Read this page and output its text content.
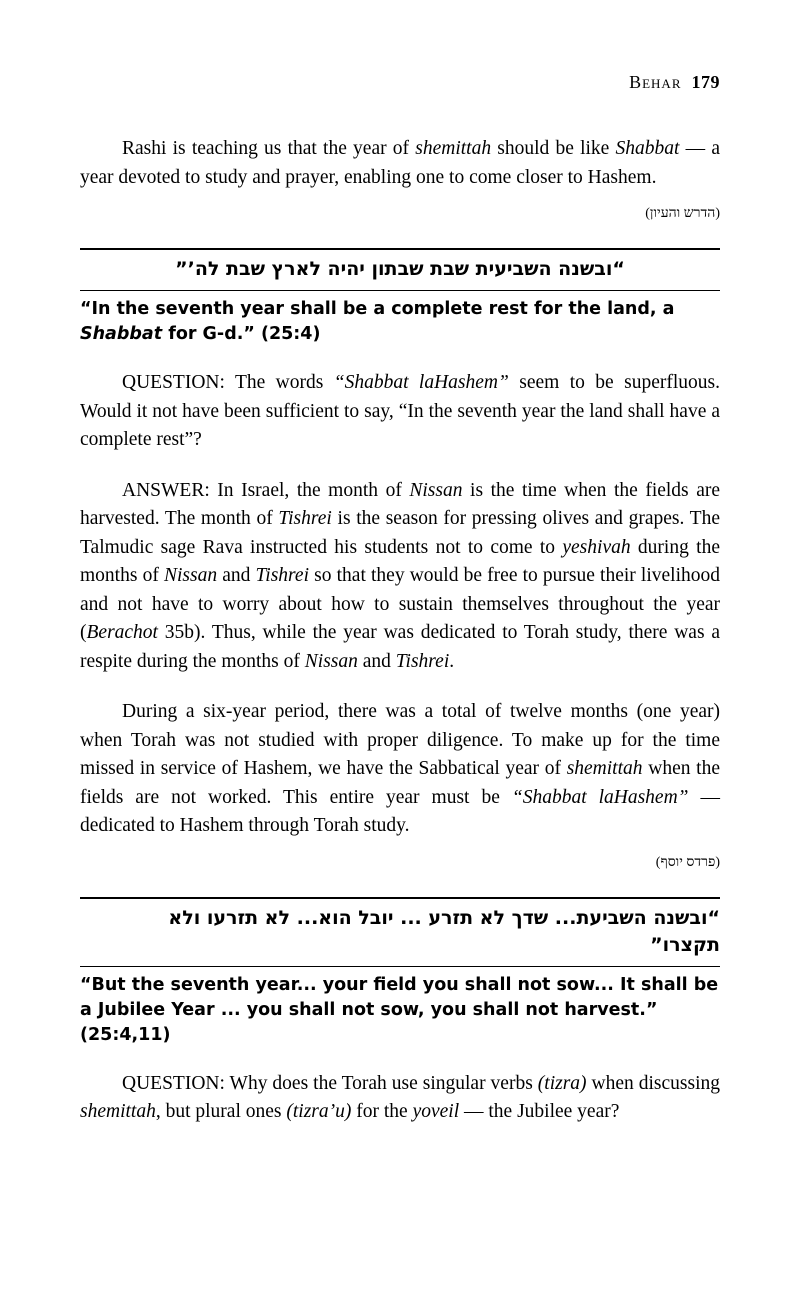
Behar 179

Rashi is teaching us that the year of shemittah should be like Shabbat — a year devoted to study and prayer, enabling one to come closer to Hashem.

(הדרש והעיון)
“ובשנה השביעית שבת שבתון יהיה לארץ שבת לה’”
“In the seventh year shall be a complete rest for the land, a Shabbat for G-d.” (25:4)

QUESTION: The words “Shabbat laHashem” seem to be superfluous. Would it not have been sufficient to say, “In the seventh year the land shall have a complete rest”?

ANSWER: In Israel, the month of Nissan is the time when the fields are harvested. The month of Tishrei is the season for pressing olives and grapes. The Talmudic sage Rava instructed his students not to come to yeshivah during the months of Nissan and Tishrei so that they would be free to pursue their livelihood and not have to worry about how to sustain themselves throughout the year (Berachot 35b). Thus, while the year was dedicated to Torah study, there was a respite during the months of Nissan and Tishrei.

During a six-year period, there was a total of twelve months (one year) when Torah was not studied with proper diligence. To make up for the time missed in service of Hashem, we have the Sabbatical year of shemittah when the fields are not worked. This entire year must be “Shabbat laHashem” — dedicated to Hashem through Torah study.

(פרדס יוסף)
“ובשנה השביעת... שדך לא תזרע ... יובל הוא... לא תזרעו ולא
תקצרו”
“But the seventh year... your field you shall not sow... It shall be a Jubilee Year ... you shall not sow, you shall not harvest.” (25:4,11)

QUESTION: Why does the Torah use singular verbs (tizra) when discussing shemittah, but plural ones (tizra’u) for the yoveil — the Jubilee year?
